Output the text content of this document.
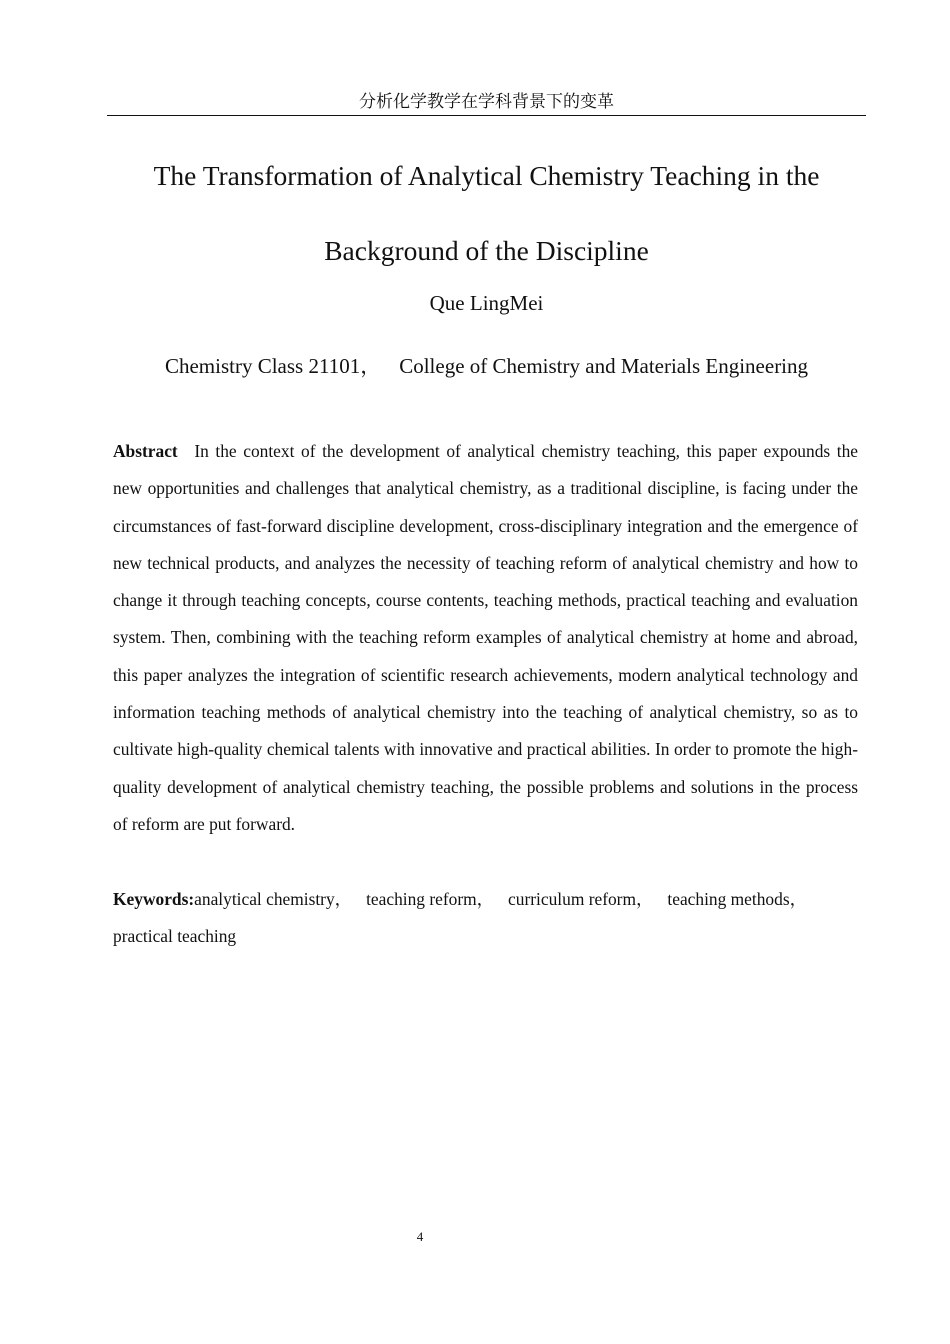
分析化学教学在学科背景下的变革
The Transformation of Analytical Chemistry Teaching in the
Background of the Discipline
Que LingMei
Chemistry Class 21101， College of Chemistry and Materials Engineering

Abstract In the context of the development of analytical chemistry teaching, this paper expounds the new opportunities and challenges that analytical chemistry, as a traditional discipline, is facing under the circumstances of fast-forward discipline development, cross-disciplinary integration and the emergence of new technical products, and analyzes the necessity of teaching reform of analytical chemistry and how to change it through teaching concepts, course contents, teaching methods, practical teaching and evaluation system. Then, combining with the teaching reform examples of analytical chemistry at home and abroad, this paper analyzes the integration of scientific research achievements, modern analytical technology and information teaching methods of analytical chemistry into the teaching of analytical chemistry, so as to cultivate high-quality chemical talents with innovative and practical abilities. In order to promote the high-quality development of analytical chemistry teaching, the possible problems and solutions in the process of reform are put forward.

Keywords:analytical chemistry， teaching reform， curriculum reform， teaching methods，practical teaching

4
